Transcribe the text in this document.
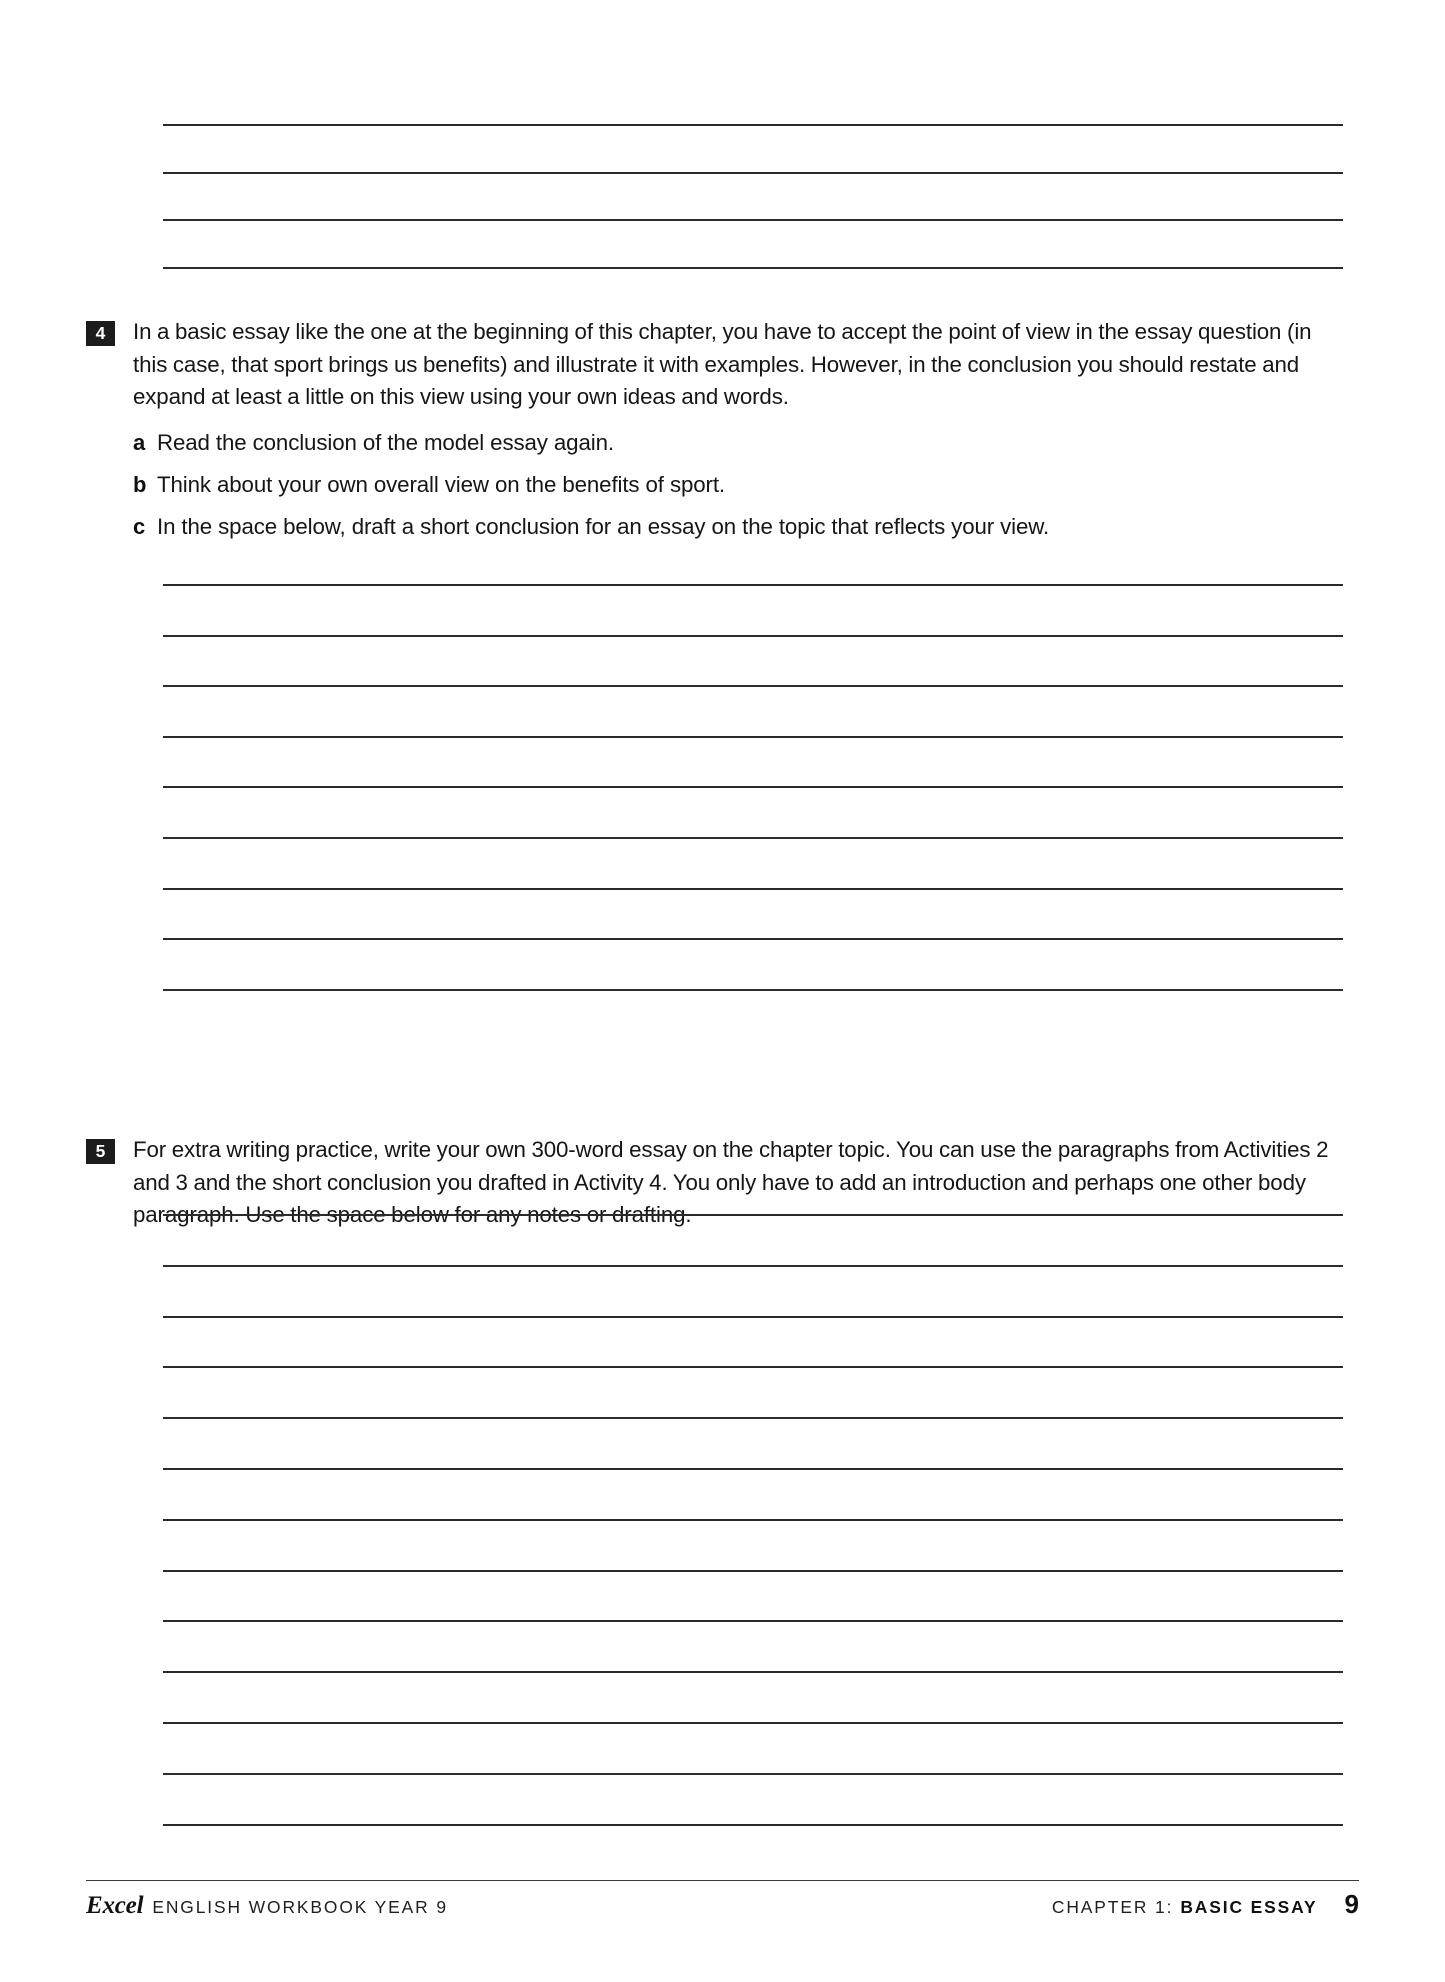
4	In a basic essay like the one at the beginning of this chapter, you have to accept the point of view in the essay question (in this case, that sport brings us benefits) and illustrate it with examples. However, in the conclusion you should restate and expand at least a little on this view using your own ideas and words.
a Read the conclusion of the model essay again.
b Think about your own overall view on the benefits of sport.
c In the space below, draft a short conclusion for an essay on the topic that reflects your view.
5	For extra writing practice, write your own 300-word essay on the chapter topic. You can use the paragraphs from Activities 2 and 3 and the short conclusion you drafted in Activity 4. You only have to add an introduction and perhaps one other body paragraph. Use the space below for any notes or drafting.
Excel ENGLISH WORKBOOK YEAR 9	CHAPTER 1: BASIC ESSAY 9
